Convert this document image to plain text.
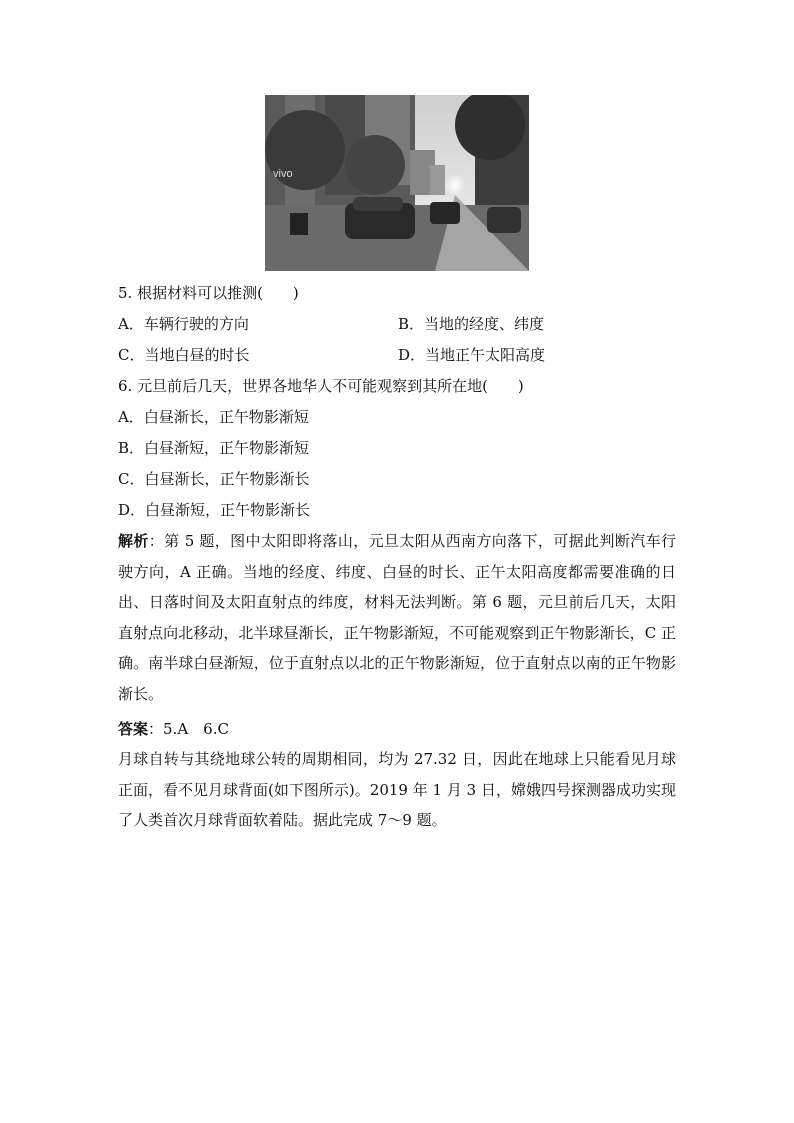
vivo
5. 根据材料可以推测(　　)
A．车辆行驶的方向	B．当地的经度、纬度
C．当地白昼的时长	D．当地正午太阳高度
6. 元旦前后几天，世界各地华人不可能观察到其所在地(　　)
A．白昼渐长，正午物影渐短
B．白昼渐短，正午物影渐短
C．白昼渐长，正午物影渐长
D．白昼渐短，正午物影渐长
解析：第 5 题，图中太阳即将落山，元旦太阳从西南方向落下，可据此判断汽车行驶方向，A 正确。当地的经度、纬度、白昼的时长、正午太阳高度都需要准确的日出、日落时间及太阳直射点的纬度，材料无法判断。第 6 题，元旦前后几天，太阳直射点向北移动，北半球昼渐长，正午物影渐短，不可能观察到正午物影渐长，C 正确。南半球白昼渐短，位于直射点以北的正午物影渐短，位于直射点以南的正午物影渐长。
答案：5.A　6.C
月球自转与其绕地球公转的周期相同，均为 27.32 日，因此在地球上只能看见月球正面，看不见月球背面(如下图所示)。2019 年 1 月 3 日，嫦娥四号探测器成功实现了人类首次月球背面软着陆。据此完成 7～9 题。
